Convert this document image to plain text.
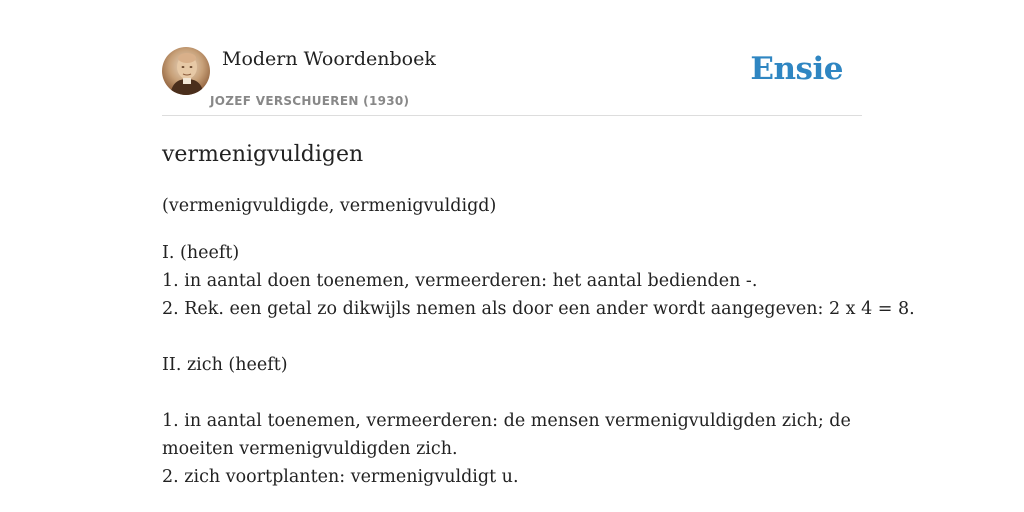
Modern Woordenboek
JOZEF VERSCHUEREN (1930)
Ensie
vermenigvuldigen
(vermenigvuldigde, vermenigvuldigd)
I. (heeft)
1. in aantal doen toenemen, vermeerderen: het aantal bedienden -.
2. Rek. een getal zo dikwijls nemen als door een ander wordt aangegeven: 2 x 4 = 8.
II. zich (heeft)
1. in aantal toenemen, vermeerderen: de mensen vermenigvuldigden zich; de
moeiten vermenigvuldigden zich.
2. zich voortplanten: vermenigvuldigt u.
